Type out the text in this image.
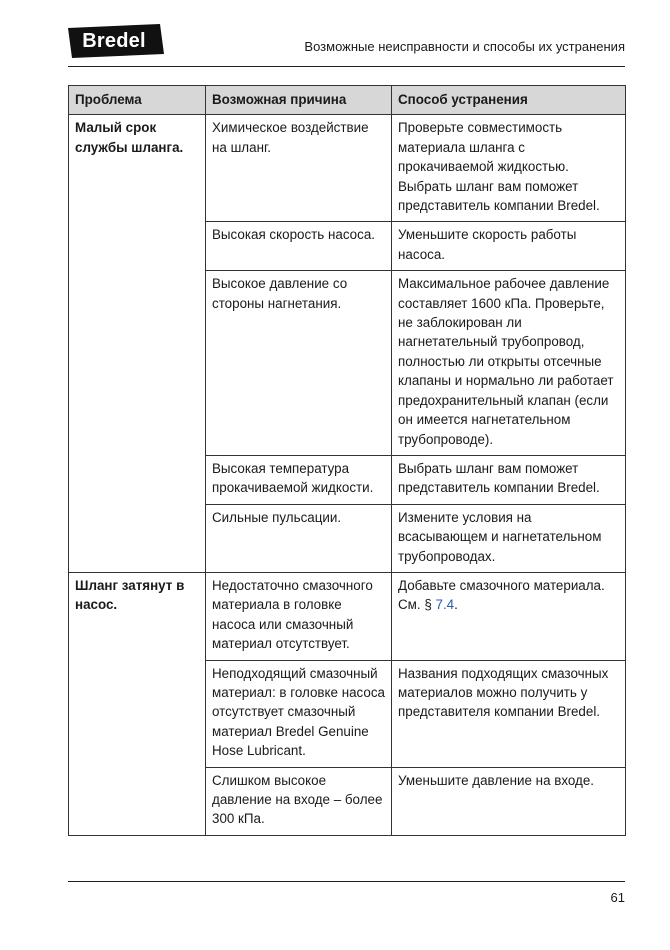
Bredel	Возможные неисправности и способы их устранения
Проблема	Возможная причина	Способ устранения
Малый срок службы шланга.	Химическое воздействие на шланг.	Проверьте совместимость материала шланга с прокачиваемой жидкостью. Выбрать шланг вам поможет представитель компании Bredel.
	Высокая скорость насоса.	Уменьшите скорость работы насоса.
	Высокое давление со стороны нагнетания.	Максимальное рабочее давление составляет 1600 кПа. Проверьте, не заблокирован ли нагнетательный трубопровод, полностью ли открыты отсечные клапаны и нормально ли работает предохранительный клапан (если он имеется нагнетательном трубопроводе).
	Высокая температура прокачиваемой жидкости.	Выбрать шланг вам поможет представитель компании Bredel.
	Сильные пульсации.	Измените условия на всасывающем и нагнетательном трубопроводах.
Шланг затянут в насос.	Недостаточно смазочного материала в головке насоса или смазочный материал отсутствует.	Добавьте смазочного материала. См. § 7.4.
	Неподходящий смазочный материал: в головке насоса отсутствует смазочный материал Bredel Genuine Hose Lubricant.	Названия подходящих смазочных материалов можно получить у представителя компании Bredel.
	Слишком высокое давление на входе – более 300 кПа.	Уменьшите давление на входе.
61
